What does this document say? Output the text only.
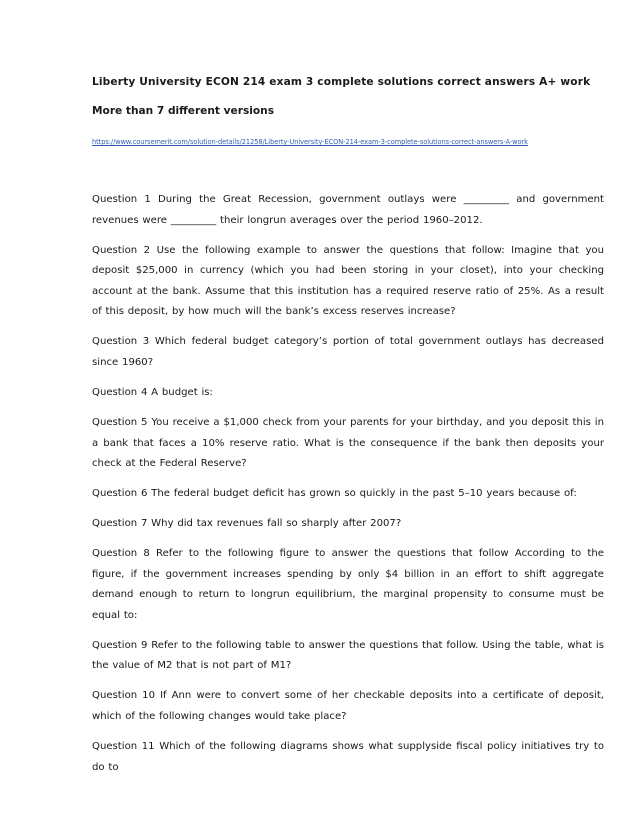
Liberty University ECON 214 exam 3 complete solutions correct answers A+ work
More than 7 different versions
https://www.coursemerit.com/solution-details/21258/Liberty-University-ECON-214-exam-3-complete-solutions-correct-answers-A-work

Question 1 During the Great Recession, government outlays were _________ and government revenues were _________ their longrun averages over the period 1960–2012.

Question 2 Use the following example to answer the questions that follow: Imagine that you deposit $25,000 in currency (which you had been storing in your closet), into your checking account at the bank. Assume that this institution has a required reserve ratio of 25%. As a result of this deposit, by how much will the bank’s excess reserves increase?

Question 3 Which federal budget category’s portion of total government outlays has decreased since 1960?

Question 4 A budget is:

Question 5 You receive a $1,000 check from your parents for your birthday, and you deposit this in a bank that faces a 10% reserve ratio. What is the consequence if the bank then deposits your check at the Federal Reserve?

Question 6 The federal budget deficit has grown so quickly in the past 5–10 years because of:

Question 7 Why did tax revenues fall so sharply after 2007?

Question 8 Refer to the following figure to answer the questions that follow According to the figure, if the government increases spending by only $4 billion in an effort to shift aggregate demand enough to return to longrun equilibrium, the marginal propensity to consume must be equal to:

Question 9 Refer to the following table to answer the questions that follow. Using the table, what is the value of M2 that is not part of M1?

Question 10 If Ann were to convert some of her checkable deposits into a certificate of deposit, which of the following changes would take place?

Question 11 Which of the following diagrams shows what supplyside fiscal policy initiatives try to do to
